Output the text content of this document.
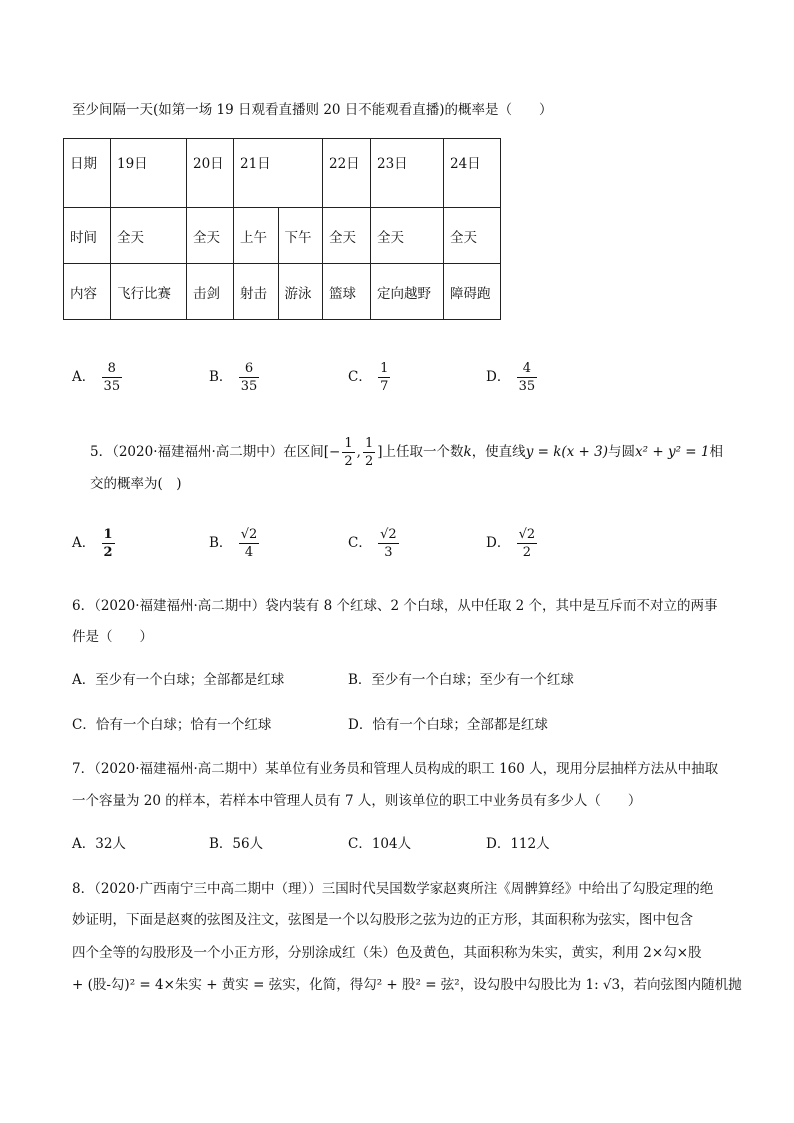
至少间隔一天(如第一场 19 日观看直播则 20 日不能观看直播)的概率是（　　）
日期	19日	20日	21日		22日	23日	24日
时间	全天	全天	上午	下午	全天	全天	全天
内容	飞行比赛	击剑	射击	游泳	篮球	定向越野	障碍跑
A． $\frac{8}{35}$	B． $\frac{6}{35}$	C． $\frac{1}{7}$	D． $\frac{4}{35}$
5．（2020·福建福州·高二期中）在区间[− $\frac{1}{2}$ , $\frac{1}{2}$ ]上任取一个数k，使直线y = k(x + 3)与圆x² + y² = 1相
交的概率为(　)
A． $\frac{1}{2}$	B． $\frac{√2}{4}$	C． $\frac{√2}{3}$	D． $\frac{√2}{2}$
6．（2020·福建福州·高二期中）袋内装有 8 个红球、2 个白球，从中任取 2 个，其中是互斥而不对立的两事
件是（　　）
A．至少有一个白球；全部都是红球	B．至少有一个白球；至少有一个红球
C．恰有一个白球；恰有一个红球	D．恰有一个白球；全部都是红球
7．（2020·福建福州·高二期中）某单位有业务员和管理人员构成的职工 160 人，现用分层抽样方法从中抽取
一个容量为 20 的样本，若样本中管理人员有 7 人，则该单位的职工中业务员有多少人（　　）
A．32人	B．56人	C．104人	D．112人
8．（2020·广西南宁三中高二期中（理））三国时代吴国数学家赵爽所注《周髀算经》中给出了勾股定理的绝
妙证明，下面是赵爽的弦图及注文，弦图是一个以勾股形之弦为边的正方形，其面积称为弦实，图中包含
四个全等的勾股形及一个小正方形，分别涂成红（朱）色及黄色，其面积称为朱实，黄实，利用 2×勾×股
+ (股-勾)² = 4×朱实 + 黄实 = 弦实，化简，得勾² + 股² = 弦²，设勾股中勾股比为 1: √3，若向弦图内随机抛
